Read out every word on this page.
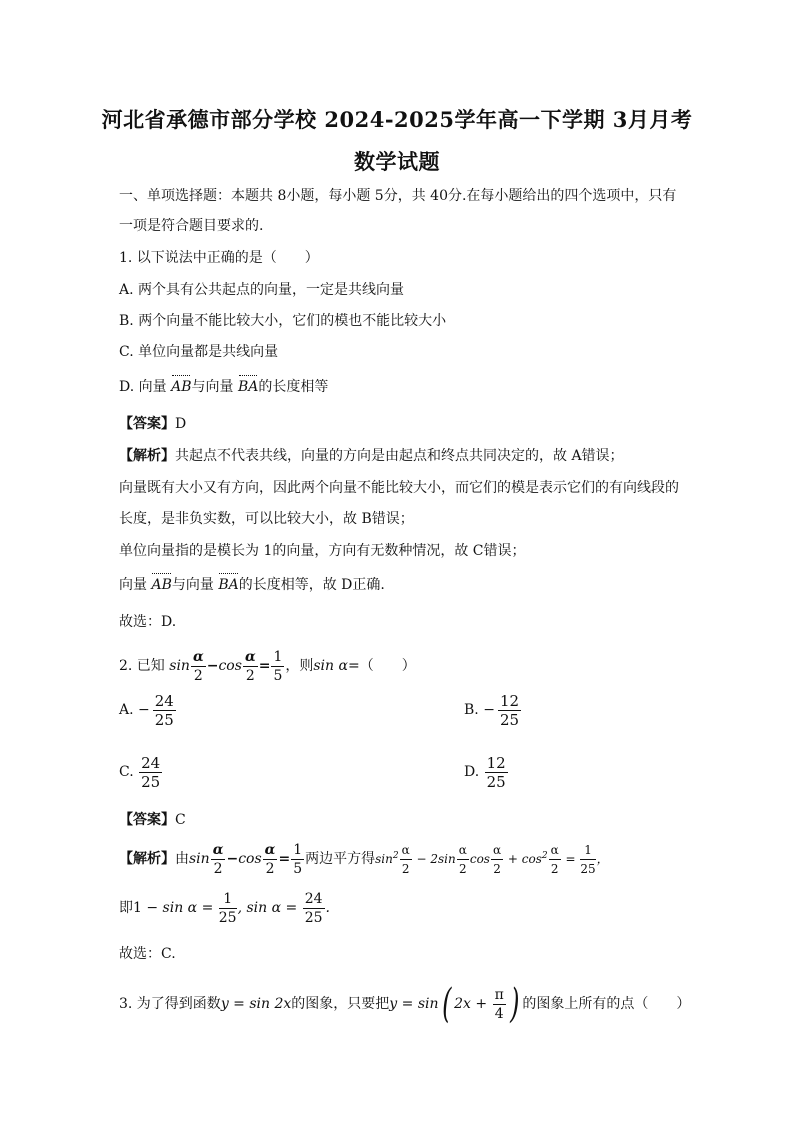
河北省承德市部分学校 2024-2025学年高一下学期 3月月考
数学试题
一、单项选择题：本题共 8小题，每小题 5分，共 40分.在每小题给出的四个选项中，只有
一项是符合题目要求的.
1. 以下说法中正确的是（　　）
A. 两个具有公共起点的向量，一定是共线向量
B. 两个向量不能比较大小，它们的模也不能比较大小
C. 单位向量都是共线向量
D. 向量 AB与向量 BA的长度相等
【答案】D
【解析】共起点不代表共线，向量的方向是由起点和终点共同决定的，故 A错误；
向量既有大小又有方向，因此两个向量不能比较大小，而它们的模是表示它们的有向线段的
长度，是非负实数，可以比较大小，故 B错误；
单位向量指的是模长为 1的向量，方向有无数种情况，故 C错误；
向量 AB与向量 BA的长度相等，故 D正确.
故选：D.
2. 已知 $\sin \frac{\alpha}{2} -\cos \frac{\alpha}{2} = \frac{1}{5}$ ，则sin α=（　　）
A. − $\frac{24}{25}$	B. − $\frac{12}{25}$
C. $\frac{24}{25}$	D. $\frac{12}{25}$
【答案】C
【解析】由$\sin \frac{\alpha}{2} -\cos \frac{\alpha}{2} = \frac{1}{5}$ 两边平方得$\sin^2 \frac{\alpha}{2} - 2\sin \frac{\alpha}{2}$ $\cos \frac{\alpha}{2} + \cos^2 \frac{\alpha}{2} = \frac{1}{25}$ ，
即$1 - \sin \alpha = \frac{1}{25}$ , $\sin \alpha = \frac{24}{25}$ .
故选：C.
3. 为了得到函数y = sin 2x的图象，只要把y = sin( $2x + \frac{\pi}{4}$ ) 的图象上所有的点（　　）
